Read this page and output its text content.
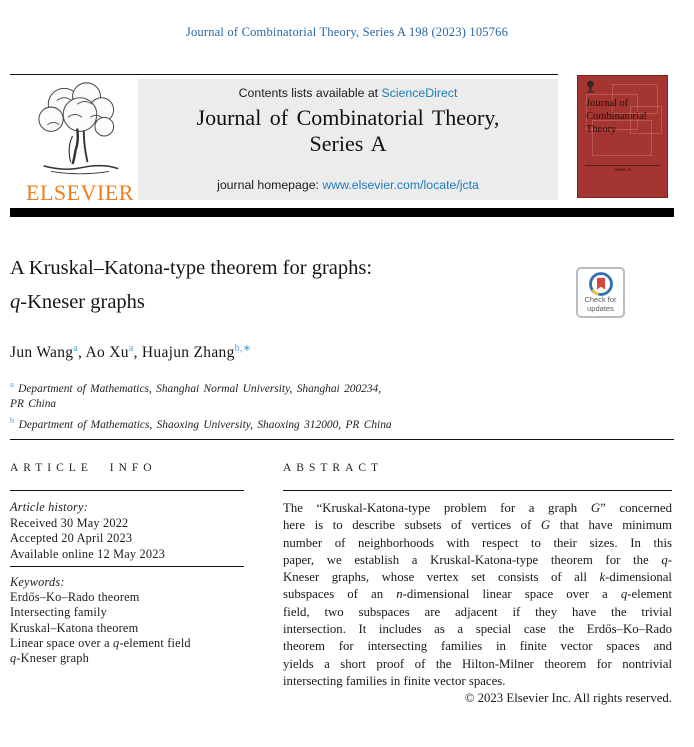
Journal of Combinatorial Theory, Series A 198 (2023) 105766
ELSEVIER
Contents lists available at ScienceDirect
Journal of Combinatorial Theory,
Series A
journal homepage: www.elsevier.com/locate/jcta
Journal of
Combinatorial
Theory
Series A
A Kruskal–Katona-type theorem for graphs:
q-Kneser graphs	Check for
updates
Jun Wang$^a$, Ao Xu$^a$, Huajun Zhang$^{b,∗}$
$^a$ Department of Mathematics, Shanghai Normal University, Shanghai 200234,
PR China
$^b$ Department of Mathematics, Shaoxing University, Shaoxing 312000, PR China
ARTICLE INFO	ABSTRACT
Article history:
Received 30 May 2022
Accepted 20 April 2023
Available online 12 May 2023
Keywords:
Erdős–Ko–Rado theorem
Intersecting family
Kruskal–Katona theorem
Linear space over a q-element field
q-Kneser graph
The “Kruskal-Katona-type problem for a graph G” concerned
here is to describe subsets of vertices of G that have minimum
number of neighborhoods with respect to their sizes. In this
paper, we establish a Kruskal-Katona-type theorem for the q-
Kneser graphs, whose vertex set consists of all k-dimensional
subspaces of an n-dimensional linear space over a q-element
field, two subspaces are adjacent if they have the trivial
intersection. It includes as a special case the Erdős–Ko–Rado
theorem for intersecting families in finite vector spaces and
yields a short proof of the Hilton-Milner theorem for nontrivial
intersecting families in finite vector spaces.
© 2023 Elsevier Inc. All rights reserved.
